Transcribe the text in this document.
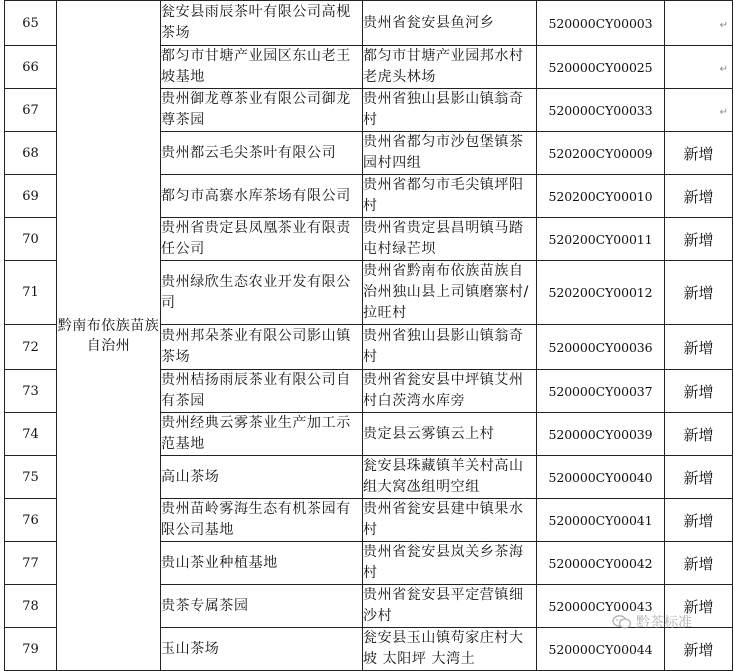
65	黔南布依族苗族自治州	瓮安县雨辰茶叶有限公司高枧茶场	贵州省瓮安县鱼河乡	520000CY00003	↵
66		都匀市甘塘产业园区东山老王坡基地	都匀市甘塘产业园邦水村老虎头林场	520000CY00025	↵
67		贵州御龙尊茶业有限公司御龙尊茶园	贵州省独山县影山镇翁奇村	520000CY00033	↵
68		贵州都云毛尖茶叶有限公司	贵州省都匀市沙包堡镇茶园村四组	520200CY00009	新增
69		都匀市高寨水库茶场有限公司	贵州省都匀市毛尖镇坪阳村	520200CY00010	新增
70		贵州省贵定县凤凰茶业有限责任公司	贵州省贵定县昌明镇马踏屯村绿芒坝	520200CY00011	新增
71		贵州绿欣生态农业开发有限公司	贵州省黔南布依族苗族自治州独山县上司镇磨寨村/拉旺村	520200CY00012	新增
72		贵州邦朵茶业有限公司影山镇茶场	贵州省独山县影山镇翁奇村	520000CY00036	新增
73		贵州桔扬雨辰茶业有限公司自有茶园	贵州省瓮安县中坪镇艾州村白茨湾水库旁	520000CY00037	新增
74		贵州经典云雾茶业生产加工示范基地	贵定县云雾镇云上村	520000CY00039	新增
75		高山茶场	瓮安县珠藏镇羊关村高山组大窝氹组明空组	520000CY00040	新增
76		贵州苗岭雾海生态有机茶园有限公司基地	贵州省瓮安县建中镇果水村	520000CY00041	新增
77		贵山茶业种植基地	贵州省瓮安县岚关乡茶海村	520000CY00042	新增
78		贵茶专属茶园	贵州省瓮安县平定营镇细沙村	520000CY00043	新增
79		玉山茶场	瓮安县玉山镇苟家庄村大坡 太阳坪 大湾土	520000CY00044	新增
黔茶标准
